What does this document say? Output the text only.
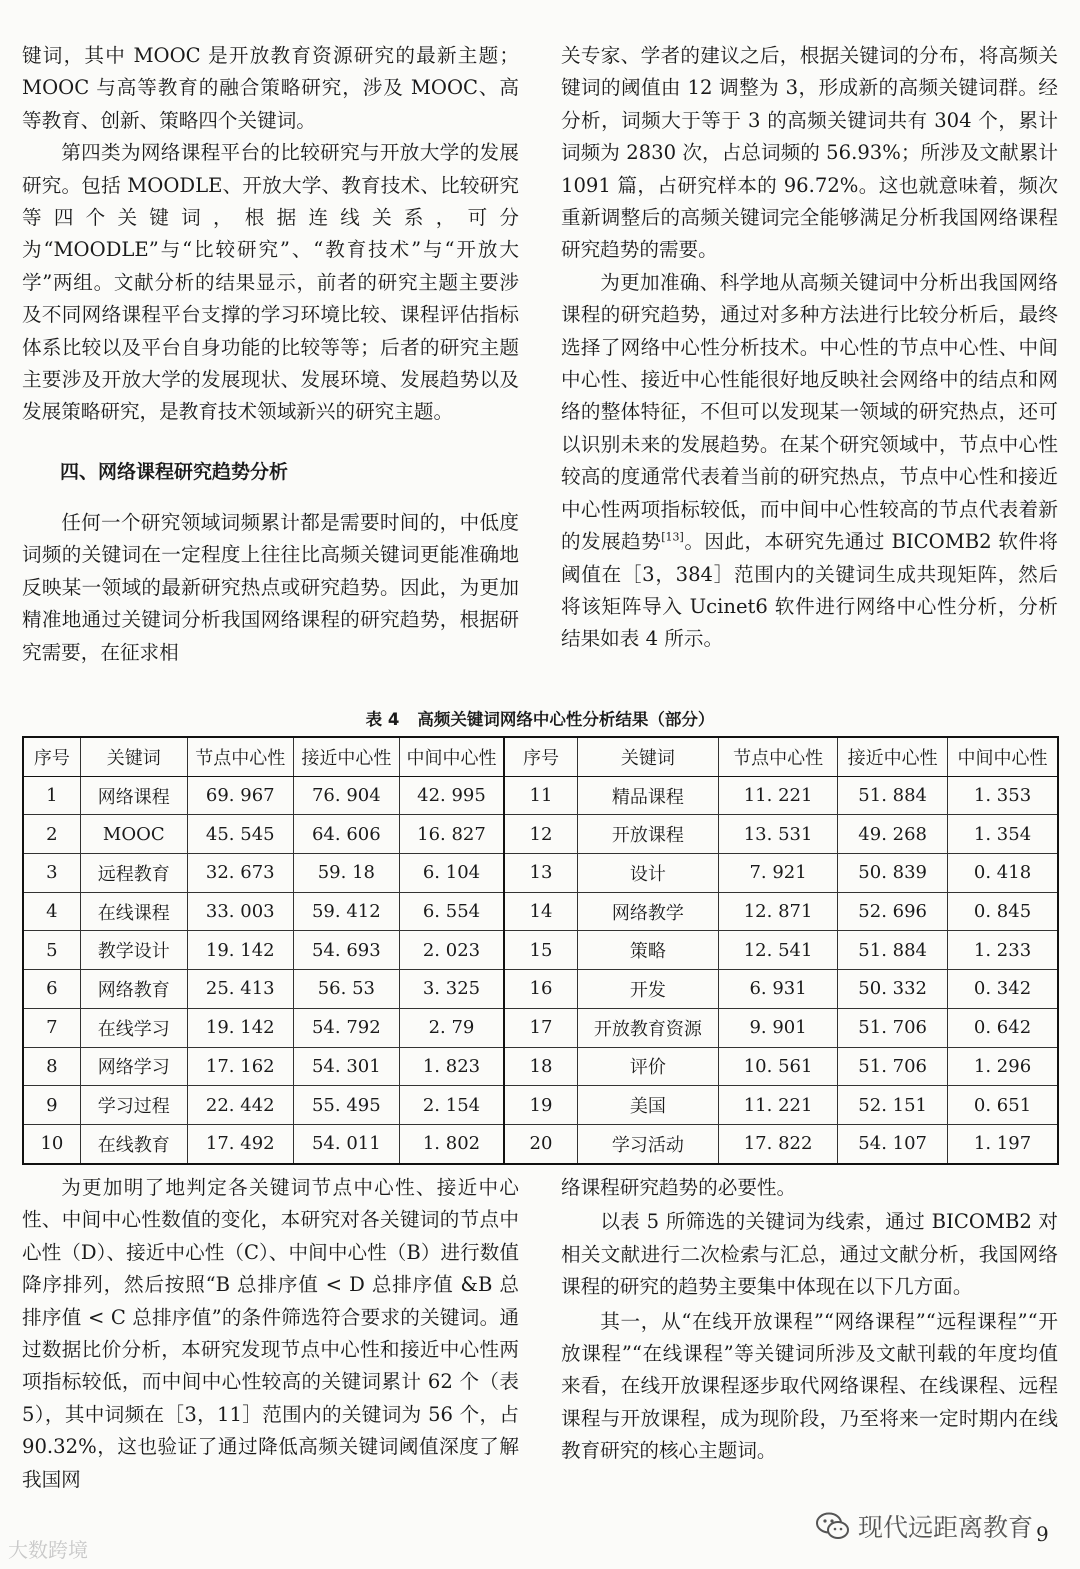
键词，其中 MOOC 是开放教育资源研究的最新主题；MOOC 与高等教育的融合策略研究，涉及 MOOC、高等教育、创新、策略四个关键词。

第四类为网络课程平台的比较研究与开放大学的发展研究。包括 MOODLE、开放大学、教育技术、比较研究等四个关键词，根据连线关系，可分为“MOODLE”与“比较研究”、“教育技术”与“开放大学”两组。文献分析的结果显示，前者的研究主题主要涉及不同网络课程平台支撑的学习环境比较、课程评估指标体系比较以及平台自身功能的比较等等；后者的研究主题主要涉及开放大学的发展现状、发展环境、发展趋势以及发展策略研究，是教育技术领域新兴的研究主题。

四、网络课程研究趋势分析

任何一个研究领域词频累计都是需要时间的，中低度词频的关键词在一定程度上往往比高频关键词更能准确地反映某一领域的最新研究热点或研究趋势。因此，为更加精准地通过关键词分析我国网络课程的研究趋势，根据研究需要，在征求相

关专家、学者的建议之后，根据关键词的分布，将高频关键词的阈值由 12 调整为 3，形成新的高频关键词群。经分析，词频大于等于 3 的高频关键词共有 304 个，累计词频为 2830 次，占总词频的 56.93%；所涉及文献累计 1091 篇，占研究样本的 96.72%。这也就意味着，频次重新调整后的高频关键词完全能够满足分析我国网络课程研究趋势的需要。

为更加准确、科学地从高频关键词中分析出我国网络课程的研究趋势，通过对多种方法进行比较分析后，最终选择了网络中心性分析技术。中心性的节点中心性、中间中心性、接近中心性能很好地反映社会网络中的结点和网络的整体特征，不但可以发现某一领域的研究热点，还可以识别未来的发展趋势。在某个研究领域中，节点中心性较高的度通常代表着当前的研究热点，节点中心性和接近中心性两项指标较低，而中间中心性较高的节点代表着新的发展趋势[13]。因此，本研究先通过 BICOMB2 软件将阈值在［3，384］范围内的关键词生成共现矩阵，然后将该矩阵导入 Ucinet6 软件进行网络中心性分析，分析结果如表 4 所示。

表 4 高频关键词网络中心性分析结果（部分）
序号	关键词	节点中心性	接近中心性	中间中心性	序号	关键词	节点中心性	接近中心性	中间中心性
1	网络课程	69. 967	76. 904	42. 995	11	精品课程	11. 221	51. 884	1. 353
2	MOOC	45. 545	64. 606	16. 827	12	开放课程	13. 531	49. 268	1. 354
3	远程教育	32. 673	59. 18	6. 104	13	设计	7. 921	50. 839	0. 418
4	在线课程	33. 003	59. 412	6. 554	14	网络教学	12. 871	52. 696	0. 845
5	教学设计	19. 142	54. 693	2. 023	15	策略	12. 541	51. 884	1. 233
6	网络教育	25. 413	56. 53	3. 325	16	开发	6. 931	50. 332	0. 342
7	在线学习	19. 142	54. 792	2. 79	17	开放教育资源	9. 901	51. 706	0. 642
8	网络学习	17. 162	54. 301	1. 823	18	评价	10. 561	51. 706	1. 296
9	学习过程	22. 442	55. 495	2. 154	19	美国	11. 221	52. 151	0. 651
10	在线教育	17. 492	54. 011	1. 802	20	学习活动	17. 822	54. 107	1. 197

为更加明了地判定各关键词节点中心性、接近中心性、中间中心性数值的变化，本研究对各关键词的节点中心性（D）、接近中心性（C）、中间中心性（B）进行数值降序排列，然后按照“B 总排序值 < D 总排序值 &B 总排序值 < C 总排序值”的条件筛选符合要求的关键词。通过数据比价分析，本研究发现节点中心性和接近中心性两项指标较低，而中间中心性较高的关键词累计 62 个（表 5），其中词频在［3，11］范围内的关键词为 56 个，占 90.32%，这也验证了通过降低高频关键词阈值深度了解我国网

络课程研究趋势的必要性。

以表 5 所筛选的关键词为线索，通过 BICOMB2 对相关文献进行二次检索与汇总，通过文献分析，我国网络课程的研究的趋势主要集中体现在以下几方面。

其一，从“在线开放课程”“网络课程”“远程课程”“开放课程”“在线课程”等关键词所涉及文献刊载的年度均值来看，在线开放课程逐步取代网络课程、在线课程、远程课程与开放课程，成为现阶段，乃至将来一定时期内在线教育研究的核心主题词。

大数跨境
现代远距离教育 9
